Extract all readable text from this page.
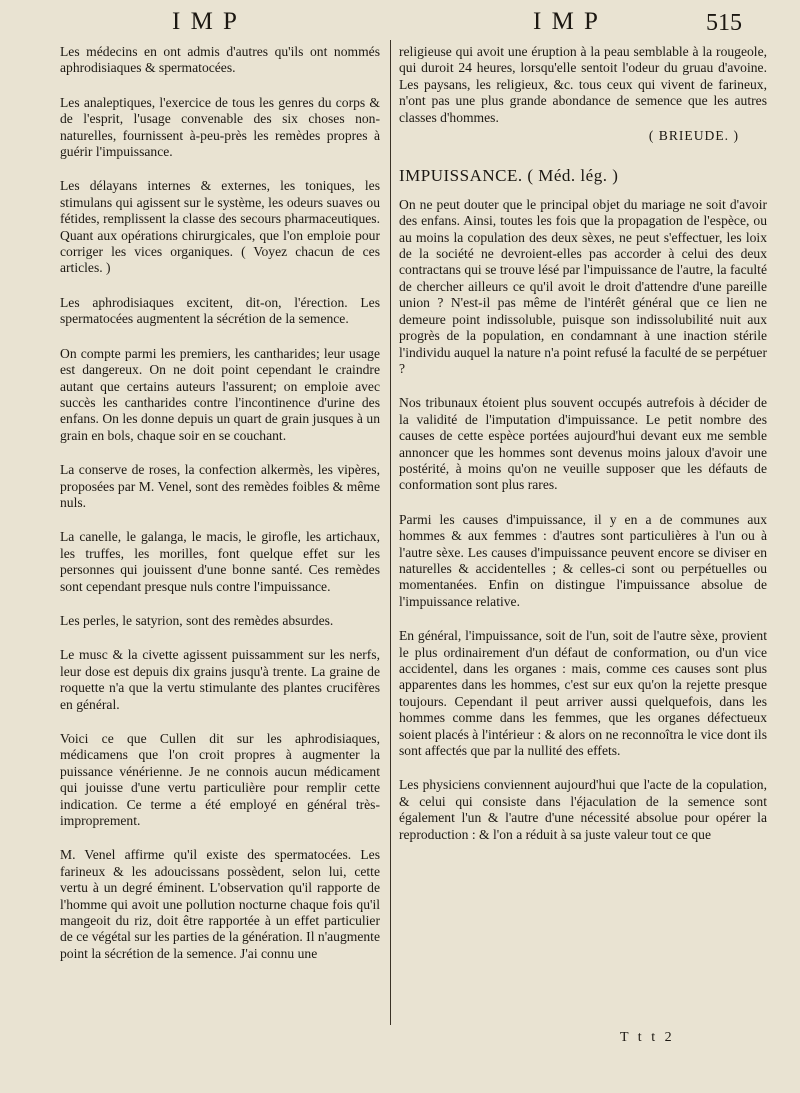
I M P	I M P	515

Les médecins en ont admis d'autres qu'ils ont nommés aphrodisiaques & spermatocées.

Les analeptiques, l'exercice de tous les genres du corps & de l'esprit, l'usage convenable des six choses non-naturelles, fournissent à-peu-près les remèdes propres à guérir l'impuissance.

Les délayans internes & externes, les toniques, les stimulans qui agissent sur le système, les odeurs suaves ou fétides, remplissent la classe des secours pharmaceutiques. Quant aux opérations chirurgicales, que l'on emploie pour corriger les vices organiques. ( Voyez chacun de ces articles. )

Les aphrodisiaques excitent, dit-on, l'érection. Les spermatocées augmentent la sécrétion de la semence.

On compte parmi les premiers, les cantharides; leur usage est dangereux. On ne doit point cependant le craindre autant que certains auteurs l'assurent; on emploie avec succès les cantharides contre l'incontinence d'urine des enfans. On les donne depuis un quart de grain jusques à un grain en bols, chaque soir en se couchant.

La conserve de roses, la confection alkermès, les vipères, proposées par M. Venel, sont des remèdes foibles & même nuls.

La canelle, le galanga, le macis, le girofle, les artichaux, les truffes, les morilles, font quelque effet sur les personnes qui jouissent d'une bonne santé. Ces remèdes sont cependant presque nuls contre l'impuissance.

Les perles, le satyrion, sont des remèdes absurdes.

Le musc & la civette agissent puissamment sur les nerfs, leur dose est depuis dix grains jusqu'à trente. La graine de roquette n'a que la vertu stimulante des plantes crucifères en général.

Voici ce que Cullen dit sur les aphrodisiaques, médicamens que l'on croit propres à augmenter la puissance vénérienne. Je ne connois aucun médicament qui jouisse d'une vertu particulière pour remplir cette indication. Ce terme a été employé en général très-improprement.

M. Venel affirme qu'il existe des spermatocées. Les farineux & les adoucissans possèdent, selon lui, cette vertu à un degré éminent. L'observation qu'il rapporte de l'homme qui avoit une pollution nocturne chaque fois qu'il mangeoit du riz, doit être rapportée à un effet particulier de ce végétal sur les parties de la génération. Il n'augmente point la sécrétion de la semence. J'ai connu une

religieuse qui avoit une éruption à la peau semblable à la rougeole, qui duroit 24 heures, lorsqu'elle sentoit l'odeur du gruau d'avoine. Les paysans, les religieux, &c. tous ceux qui vivent de farineux, n'ont pas une plus grande abondance de semence que les autres classes d'hommes.

( BRIEUDE. )

IMPUISSANCE. ( Méd. lég. )

On ne peut douter que le principal objet du mariage ne soit d'avoir des enfans. Ainsi, toutes les fois que la propagation de l'espèce, ou au moins la copulation des deux sèxes, ne peut s'effectuer, les loix de la société ne devroient-elles pas accorder à celui des deux contractans qui se trouve lésé par l'impuissance de l'autre, la faculté de chercher ailleurs ce qu'il avoit le droit d'attendre d'une pareille union ? N'est-il pas même de l'intérêt général que ce lien ne demeure point indissoluble, puisque son indissolubilité nuit aux progrès de la population, en condamnant à une inaction stérile l'individu auquel la nature n'a point refusé la faculté de se perpétuer ?

Nos tribunaux étoient plus souvent occupés autrefois à décider de la validité de l'imputation d'impuissance. Le petit nombre des causes de cette espèce portées aujourd'hui devant eux me semble annoncer que les hommes sont devenus moins jaloux d'avoir une postérité, à moins qu'on ne veuille supposer que les défauts de conformation sont plus rares.

Parmi les causes d'impuissance, il y en a de communes aux hommes & aux femmes : d'autres sont particulières à l'un ou à l'autre sèxe. Les causes d'impuissance peuvent encore se diviser en naturelles & accidentelles ; & celles-ci sont ou perpétuelles ou momentanées. Enfin on distingue l'impuissance absolue de l'impuissance relative.

En général, l'impuissance, soit de l'un, soit de l'autre sèxe, provient le plus ordinairement d'un défaut de conformation, ou d'un vice accidentel, dans les organes : mais, comme ces causes sont plus apparentes dans les hommes, c'est sur eux qu'on la rejette presque toujours. Cependant il peut arriver aussi quelquefois, dans les hommes comme dans les femmes, que les organes défectueux soient placés à l'intérieur : & alors on ne reconnoîtra le vice dont ils sont affectés que par la nullité des effets.

Les physiciens conviennent aujourd'hui que l'acte de la copulation, & celui qui consiste dans l'éjaculation de la semence sont également l'un & l'autre d'une nécessité absolue pour opérer la reproduction : & l'on a réduit à sa juste valeur tout ce que

T t t 2
